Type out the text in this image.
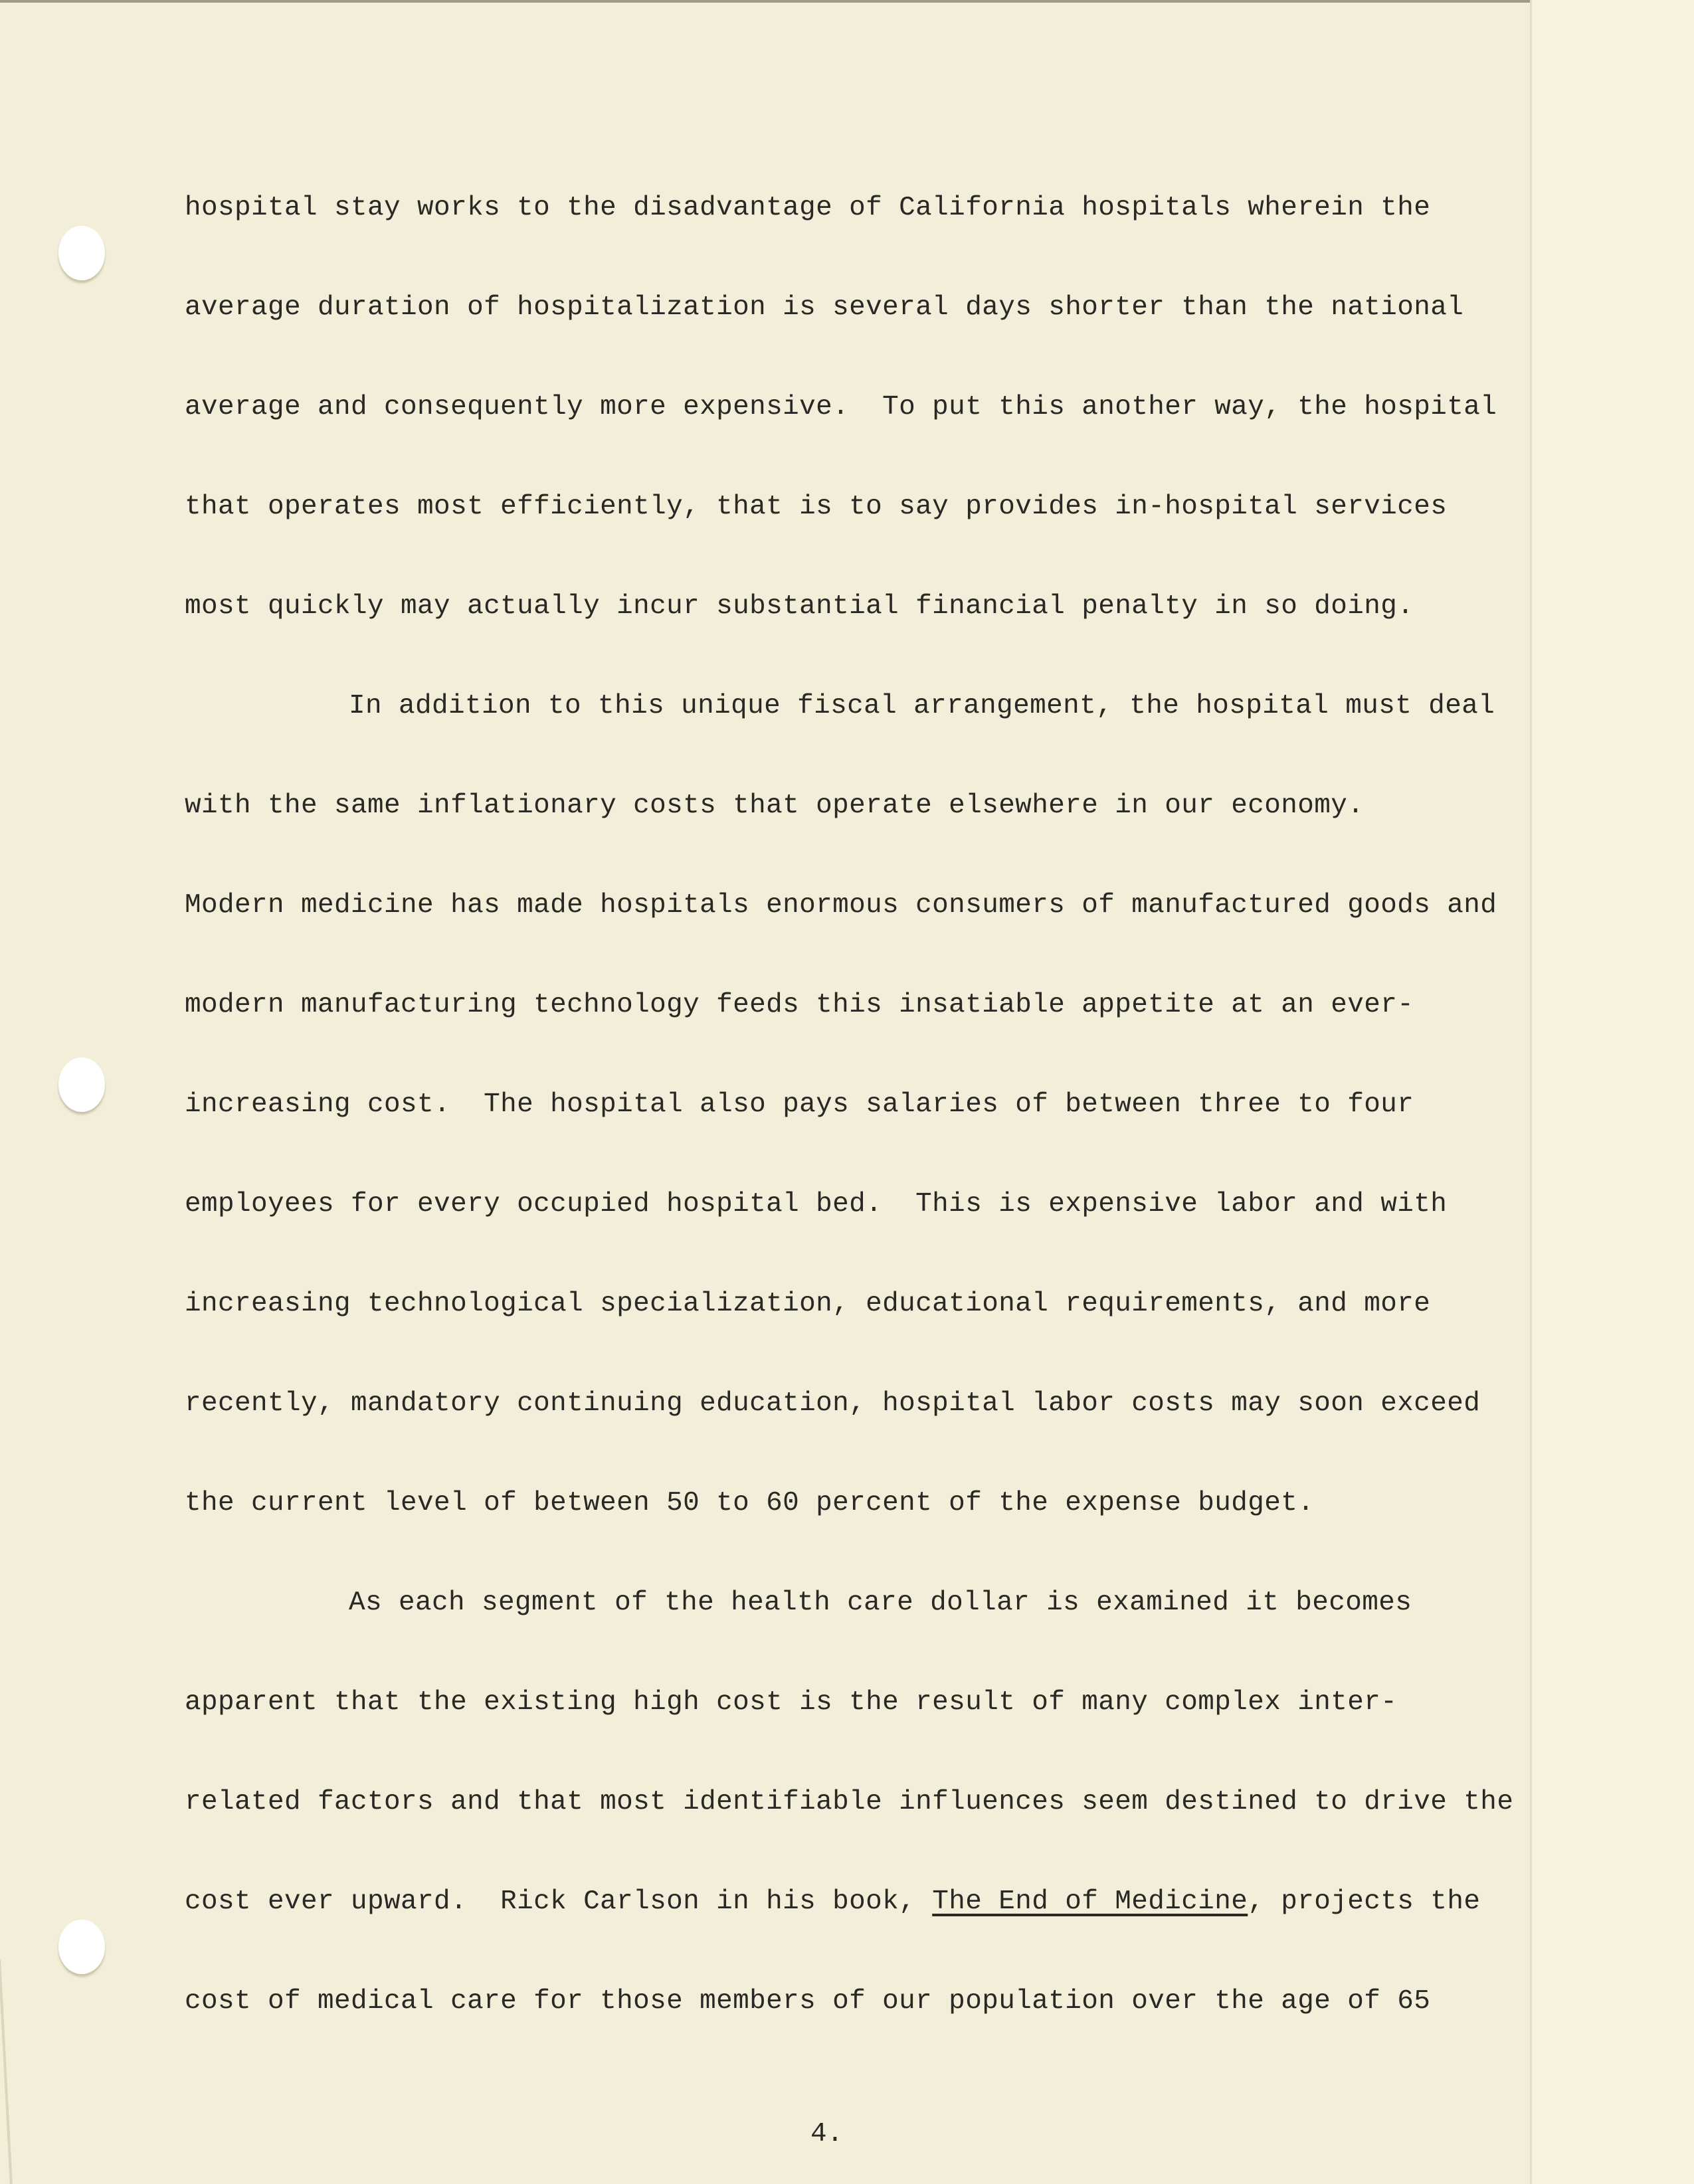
hospital stay works to the disadvantage of California hospitals wherein the
average duration of hospitalization is several days shorter than the national
average and consequently more expensive.  To put this another way, the hospital
that operates most efficiently, that is to say provides in-hospital services
most quickly may actually incur substantial financial penalty in so doing.
In addition to this unique fiscal arrangement, the hospital must deal
with the same inflationary costs that operate elsewhere in our economy.
Modern medicine has made hospitals enormous consumers of manufactured goods and
modern manufacturing technology feeds this insatiable appetite at an ever-
increasing cost.  The hospital also pays salaries of between three to four
employees for every occupied hospital bed.  This is expensive labor and with
increasing technological specialization, educational requirements, and more
recently, mandatory continuing education, hospital labor costs may soon exceed
the current level of between 50 to 60 percent of the expense budget.
As each segment of the health care dollar is examined it becomes
apparent that the existing high cost is the result of many complex inter-
related factors and that most identifiable influences seem destined to drive the
cost ever upward.  Rick Carlson in his book, The End of Medicine, projects the
cost of medical care for those members of our population over the age of 65
4.
